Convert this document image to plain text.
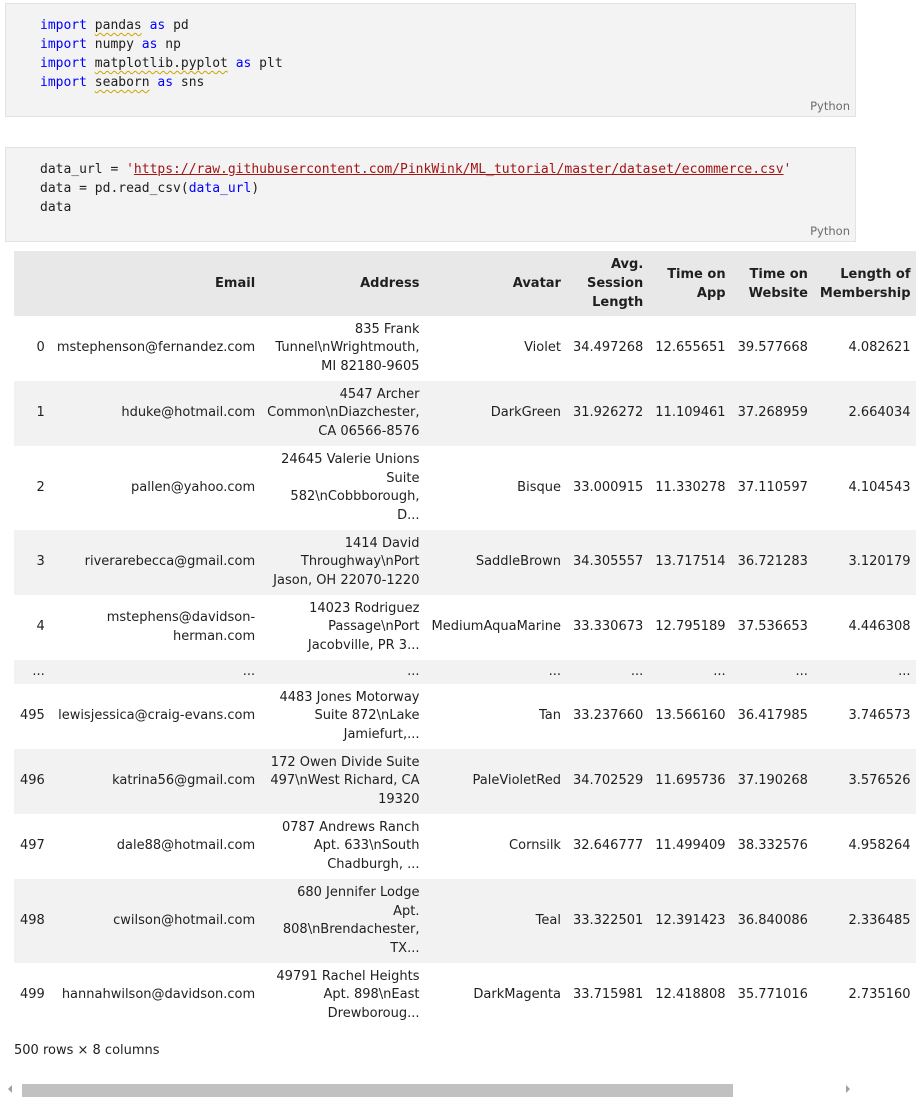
import pandas as pd
import numpy as np
import matplotlib.pyplot as plt
import seaborn as sns
Python
data_url = 'https://raw.githubusercontent.com/PinkWink/ML_tutorial/master/dataset/ecommerce.csv'
data = pd.read_csv(data_url)
data
Python
	Email	Address	Avatar	Avg. Session Length	Time on App	Time on Website	Length of Membership
0	mstephenson@fernandez.com	835 Frank Tunnel\nWrightmouth, MI 82180-9605	Violet	34.497268	12.655651	39.577668	4.082621
1	hduke@hotmail.com	4547 Archer Common\nDiazchester, CA 06566-8576	DarkGreen	31.926272	11.109461	37.268959	2.664034
2	pallen@yahoo.com	24645 Valerie Unions Suite 582\nCobbborough, D...	Bisque	33.000915	11.330278	37.110597	4.104543
3	riverarebecca@gmail.com	1414 David Throughway\nPort Jason, OH 22070-1220	SaddleBrown	34.305557	13.717514	36.721283	3.120179
4	mstephens@davidson-herman.com	14023 Rodriguez Passage\nPort Jacobville, PR 3...	MediumAquaMarine	33.330673	12.795189	37.536653	4.446308
...	...	...	...	...	...	...	...
495	lewisjessica@craig-evans.com	4483 Jones Motorway Suite 872\nLake Jamiefurt,...	Tan	33.237660	13.566160	36.417985	3.746573
496	katrina56@gmail.com	172 Owen Divide Suite 497\nWest Richard, CA 19320	PaleVioletRed	34.702529	11.695736	37.190268	3.576526
497	dale88@hotmail.com	0787 Andrews Ranch Apt. 633\nSouth Chadburgh, ...	Cornsilk	32.646777	11.499409	38.332576	4.958264
498	cwilson@hotmail.com	680 Jennifer Lodge Apt. 808\nBrendachester, TX...	Teal	33.322501	12.391423	36.840086	2.336485
499	hannahwilson@davidson.com	49791 Rachel Heights Apt. 898\nEast Drewboroug...	DarkMagenta	33.715981	12.418808	35.771016	2.735160
500 rows × 8 columns
